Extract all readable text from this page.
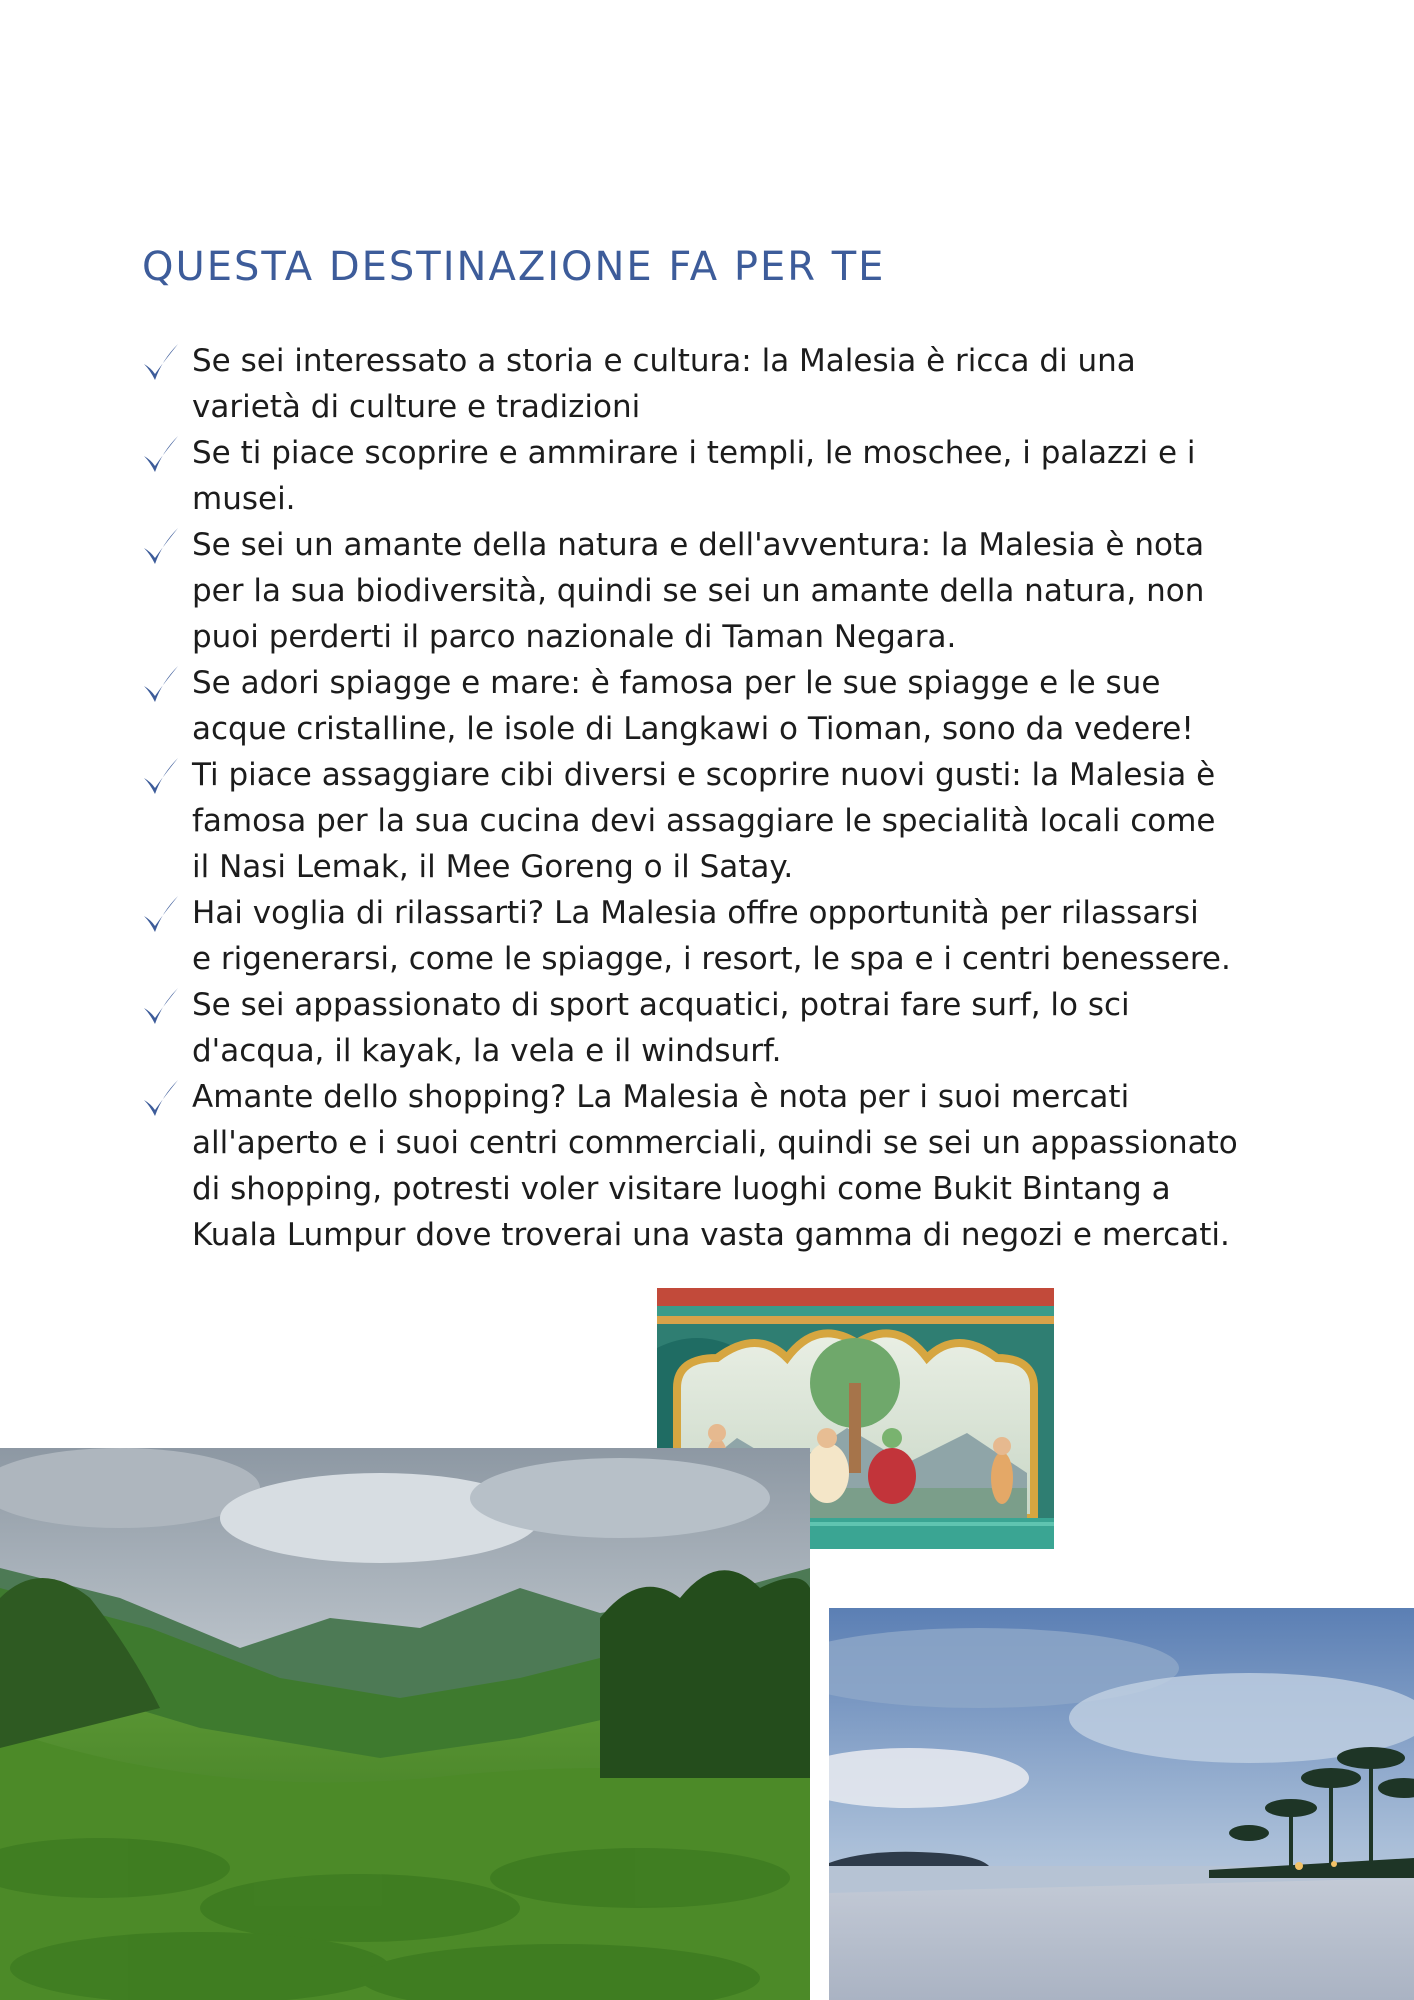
QUESTA DESTINAZIONE FA PER TE
Se sei interessato a storia e cultura: la Malesia è ricca di una
varietà di culture e tradizioni
Se ti piace scoprire e ammirare i templi, le moschee, i palazzi e i
musei.
Se sei un amante della natura e dell'avventura: la Malesia è nota
per la sua biodiversità, quindi se sei un amante della natura, non
puoi perderti il parco nazionale di Taman Negara.
Se adori spiagge e mare: è famosa per le sue spiagge e le sue
acque cristalline, le isole di Langkawi o Tioman, sono da vedere!
Ti piace assaggiare cibi diversi e scoprire nuovi gusti: la Malesia è
famosa per la sua cucina devi assaggiare le specialità locali come
il Nasi Lemak, il Mee Goreng o il Satay.
Hai voglia di rilassarti? La Malesia offre opportunità per rilassarsi
e rigenerarsi, come le spiagge, i resort, le spa e i centri benessere.
Se sei appassionato di sport acquatici, potrai fare surf, lo sci
d'acqua, il kayak, la vela e il windsurf.
Amante dello shopping? La Malesia è nota per i suoi mercati
all'aperto e i suoi centri commerciali, quindi se sei un appassionato
di shopping, potresti voler visitare luoghi come Bukit Bintang a
Kuala Lumpur dove troverai una vasta gamma di negozi e mercati.
